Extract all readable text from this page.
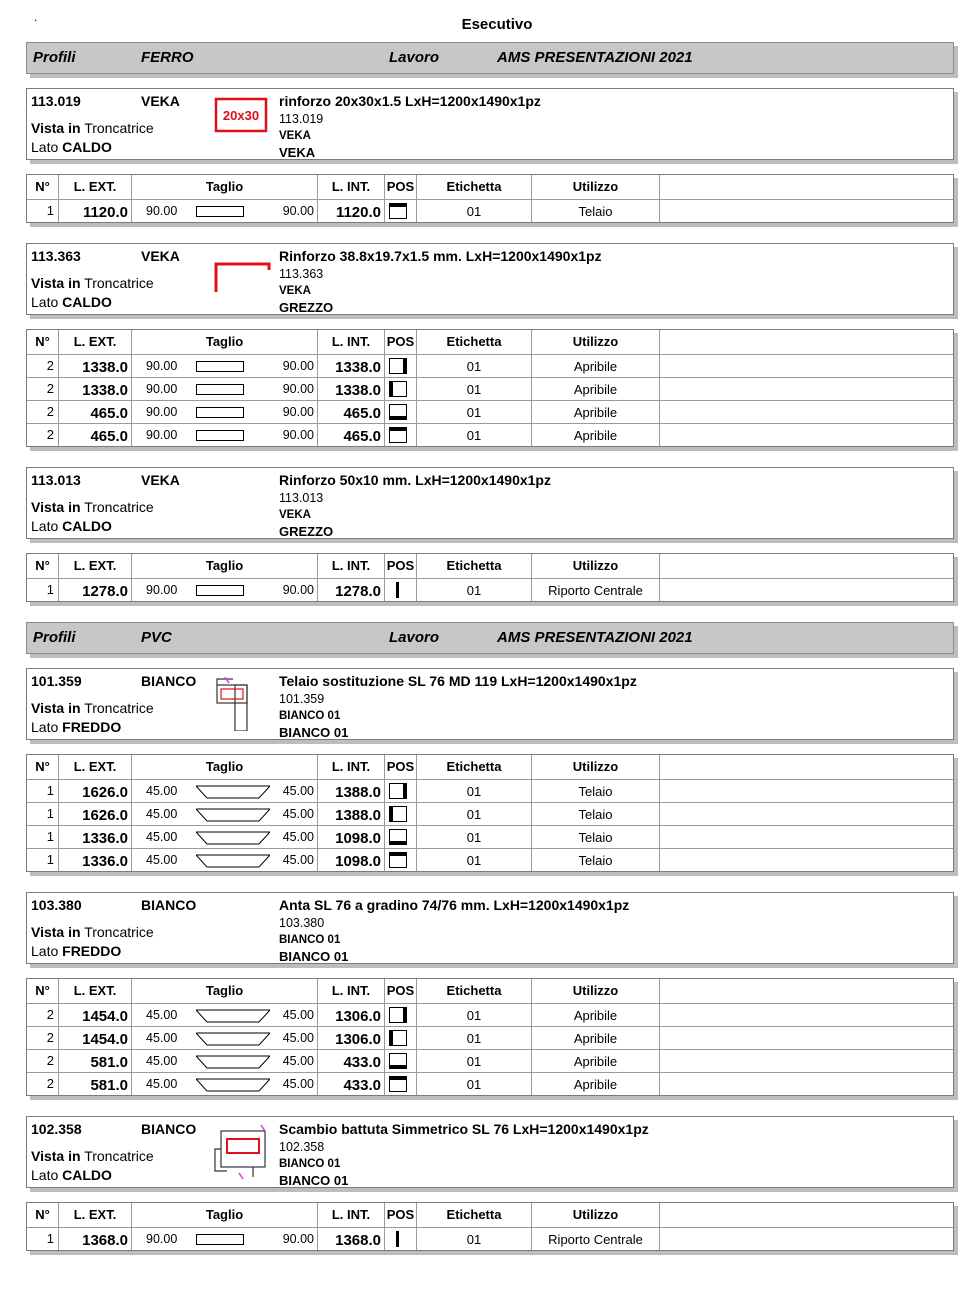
.	Esecutivo
Profili	FERRO	Lavoro	AMS PRESENTAZIONI 2021
113.019	VEKA
Vista in Troncatrice
Lato CALDO
20x30
rinforzo 20x30x1.5 LxH=1200x1490x1pz
113.019
VEKA
VEKA
N°	L. EXT.	Taglio	L. INT.	POS	Etichetta	Utilizzo
1	1120.0	90.00	90.00	1120.0	01	Telaio
113.363	VEKA
Vista in Troncatrice
Lato CALDO
Rinforzo 38.8x19.7x1.5 mm. LxH=1200x1490x1pz
113.363
VEKA
GREZZO
N°	L. EXT.	Taglio	L. INT.	POS	Etichetta	Utilizzo
2	1338.0	90.00	90.00	1338.0	01	Apribile
2	1338.0	90.00	90.00	1338.0	01	Apribile
2	465.0	90.00	90.00	465.0	01	Apribile
2	465.0	90.00	90.00	465.0	01	Apribile
113.013	VEKA
Vista in Troncatrice
Lato CALDO
Rinforzo 50x10 mm. LxH=1200x1490x1pz
113.013
VEKA
GREZZO
N°	L. EXT.	Taglio	L. INT.	POS	Etichetta	Utilizzo
1	1278.0	90.00	90.00	1278.0	01	Riporto Centrale
Profili	PVC	Lavoro	AMS PRESENTAZIONI 2021
101.359	BIANCO
Vista in Troncatrice
Lato FREDDO
Telaio sostituzione SL 76 MD 119 LxH=1200x1490x1pz
101.359
BIANCO 01
BIANCO 01
N°	L. EXT.	Taglio	L. INT.	POS	Etichetta	Utilizzo
1	1626.0	45.00	45.00	1388.0	01	Telaio
1	1626.0	45.00	45.00	1388.0	01	Telaio
1	1336.0	45.00	45.00	1098.0	01	Telaio
1	1336.0	45.00	45.00	1098.0	01	Telaio
103.380	BIANCO
Vista in Troncatrice
Lato FREDDO
Anta SL 76 a gradino 74/76 mm. LxH=1200x1490x1pz
103.380
BIANCO 01
BIANCO 01
N°	L. EXT.	Taglio	L. INT.	POS	Etichetta	Utilizzo
2	1454.0	45.00	45.00	1306.0	01	Apribile
2	1454.0	45.00	45.00	1306.0	01	Apribile
2	581.0	45.00	45.00	433.0	01	Apribile
2	581.0	45.00	45.00	433.0	01	Apribile
102.358	BIANCO
Vista in Troncatrice
Lato CALDO
Scambio battuta Simmetrico SL 76 LxH=1200x1490x1pz
102.358
BIANCO 01
BIANCO 01
N°	L. EXT.	Taglio	L. INT.	POS	Etichetta	Utilizzo
1	1368.0	90.00	90.00	1368.0	01	Riporto Centrale
